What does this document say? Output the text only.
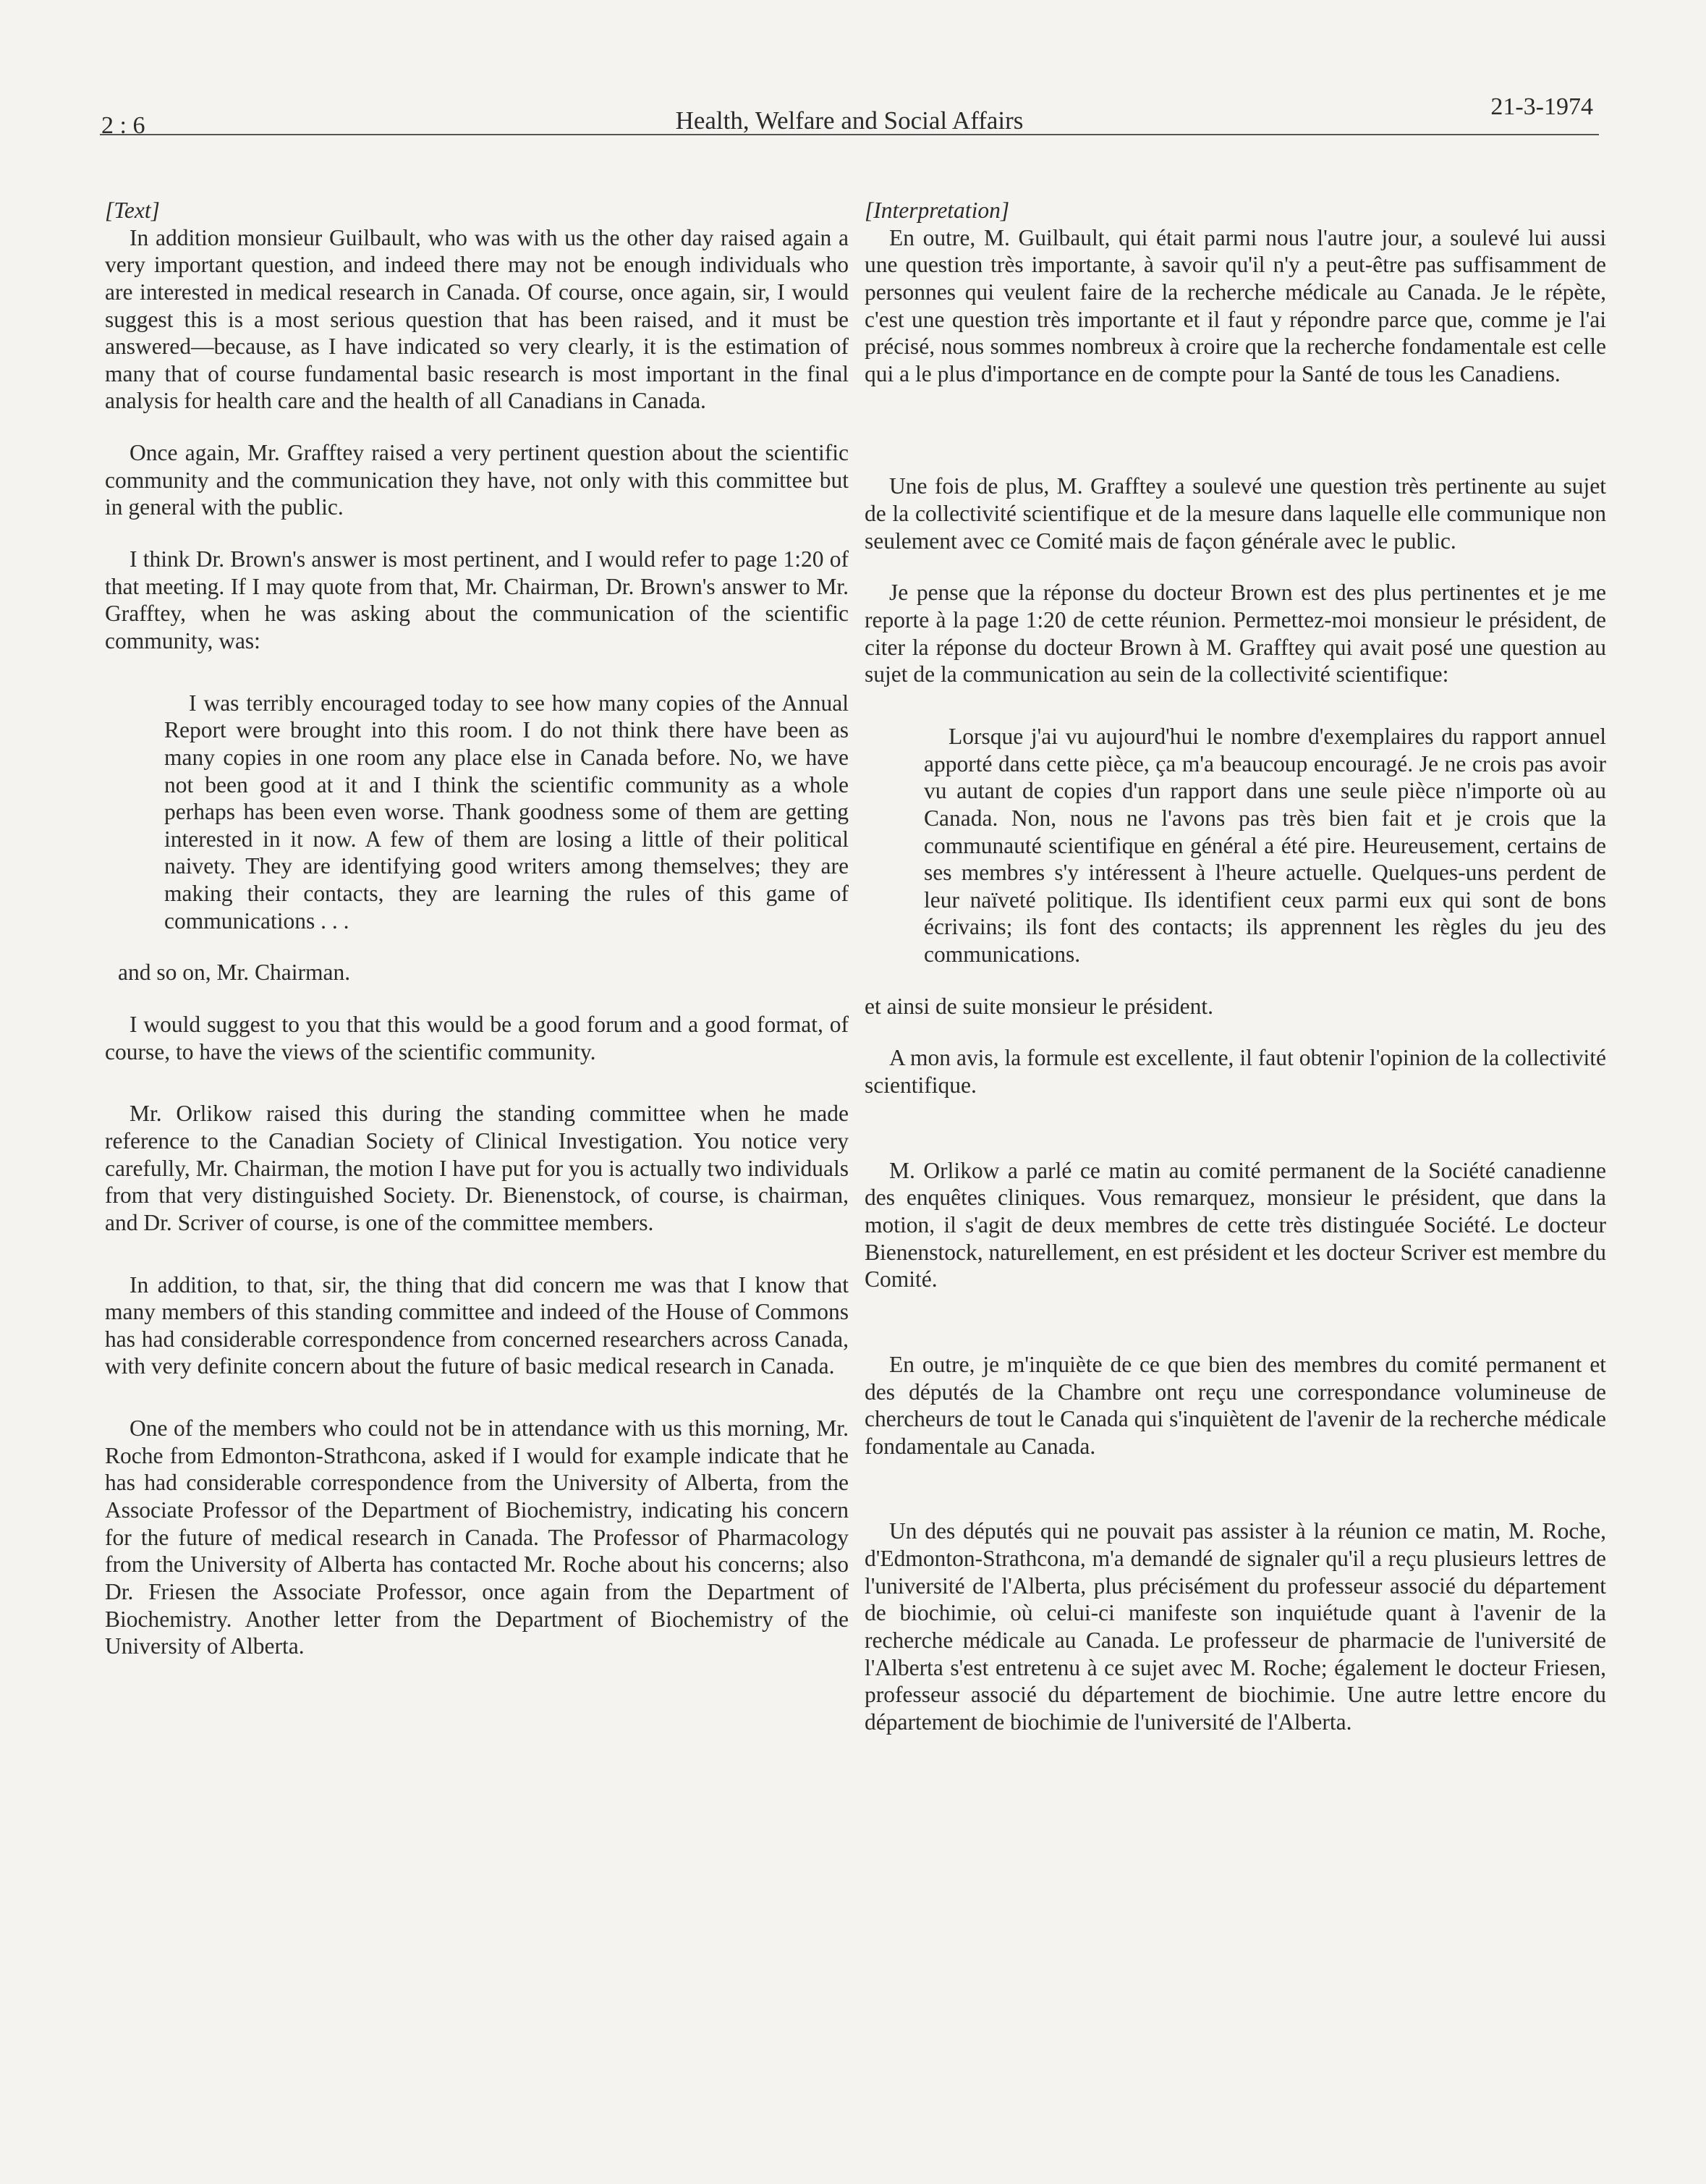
2 : 6	Health, Welfare and Social Affairs	21-3-1974
[Text]

In addition monsieur Guilbault, who was with us the other day raised again a very important question, and indeed there may not be enough individuals who are interested in medical research in Canada. Of course, once again, sir, I would suggest this is a most serious question that has been raised, and it must be answered—because, as I have indicated so very clearly, it is the estimation of many that of course fundamental basic research is most important in the final analysis for health care and the health of all Canadians in Canada.

Once again, Mr. Grafftey raised a very pertinent question about the scientific community and the communication they have, not only with this committee but in general with the public.

I think Dr. Brown's answer is most pertinent, and I would refer to page 1:20 of that meeting. If I may quote from that, Mr. Chairman, Dr. Brown's answer to Mr. Grafftey, when he was asking about the communication of the scientific community, was:

I was terribly encouraged today to see how many copies of the Annual Report were brought into this room. I do not think there have been as many copies in one room any place else in Canada before. No, we have not been good at it and I think the scientific community as a whole perhaps has been even worse. Thank goodness some of them are getting interested in it now. A few of them are losing a little of their political naivety. They are identifying good writers among themselves; they are making their contacts, they are learning the rules of this game of communications . . .

and so on, Mr. Chairman.

I would suggest to you that this would be a good forum and a good format, of course, to have the views of the scientific community.

Mr. Orlikow raised this during the standing committee when he made reference to the Canadian Society of Clinical Investigation. You notice very carefully, Mr. Chairman, the motion I have put for you is actually two individuals from that very distinguished Society. Dr. Bienenstock, of course, is chairman, and Dr. Scriver of course, is one of the committee members.

In addition, to that, sir, the thing that did concern me was that I know that many members of this standing committee and indeed of the House of Commons has had considerable correspondence from concerned researchers across Canada, with very definite concern about the future of basic medical research in Canada.

One of the members who could not be in attendance with us this morning, Mr. Roche from Edmonton-Strathcona, asked if I would for example indicate that he has had considerable correspondence from the University of Alberta, from the Associate Professor of the Department of Biochemistry, indicating his concern for the future of medical research in Canada. The Professor of Pharmacology from the University of Alberta has contacted Mr. Roche about his concerns; also Dr. Friesen the Associate Professor, once again from the Department of Biochemistry. Another letter from the Department of Biochemistry of the University of Alberta.

[Interpretation]

En outre, M. Guilbault, qui était parmi nous l'autre jour, a soulevé lui aussi une question très importante, à savoir qu'il n'y a peut-être pas suffisamment de personnes qui veulent faire de la recherche médicale au Canada. Je le répète, c'est une question très importante et il faut y répondre parce que, comme je l'ai précisé, nous sommes nombreux à croire que la recherche fondamentale est celle qui a le plus d'importance en de compte pour la Santé de tous les Canadiens.

Une fois de plus, M. Grafftey a soulevé une question très pertinente au sujet de la collectivité scientifique et de la mesure dans laquelle elle communique non seulement avec ce Comité mais de façon générale avec le public.

Je pense que la réponse du docteur Brown est des plus pertinentes et je me reporte à la page 1:20 de cette réunion. Permettez-moi monsieur le président, de citer la réponse du docteur Brown à M. Grafftey qui avait posé une question au sujet de la communication au sein de la collectivité scientifique:

Lorsque j'ai vu aujourd'hui le nombre d'exemplaires du rapport annuel apporté dans cette pièce, ça m'a beaucoup encouragé. Je ne crois pas avoir vu autant de copies d'un rapport dans une seule pièce n'importe où au Canada. Non, nous ne l'avons pas très bien fait et je crois que la communauté scientifique en général a été pire. Heureusement, certains de ses membres s'y intéressent à l'heure actuelle. Quelques-uns perdent de leur naïveté politique. Ils identifient ceux parmi eux qui sont de bons écrivains; ils font des contacts; ils apprennent les règles du jeu des communications.

et ainsi de suite monsieur le président.

A mon avis, la formule est excellente, il faut obtenir l'opinion de la collectivité scientifique.

M. Orlikow a parlé ce matin au comité permanent de la Société canadienne des enquêtes cliniques. Vous remarquez, monsieur le président, que dans la motion, il s'agit de deux membres de cette très distinguée Société. Le docteur Bienenstock, naturellement, en est président et les docteur Scriver est membre du Comité.

En outre, je m'inquiète de ce que bien des membres du comité permanent et des députés de la Chambre ont reçu une correspondance volumineuse de chercheurs de tout le Canada qui s'inquiètent de l'avenir de la recherche médicale fondamentale au Canada.

Un des députés qui ne pouvait pas assister à la réunion ce matin, M. Roche, d'Edmonton-Strathcona, m'a demandé de signaler qu'il a reçu plusieurs lettres de l'université de l'Alberta, plus précisément du professeur associé du département de biochimie, où celui-ci manifeste son inquiétude quant à l'avenir de la recherche médicale au Canada. Le professeur de pharmacie de l'université de l'Alberta s'est entretenu à ce sujet avec M. Roche; également le docteur Friesen, professeur associé du département de biochimie. Une autre lettre encore du département de biochimie de l'université de l'Alberta.
